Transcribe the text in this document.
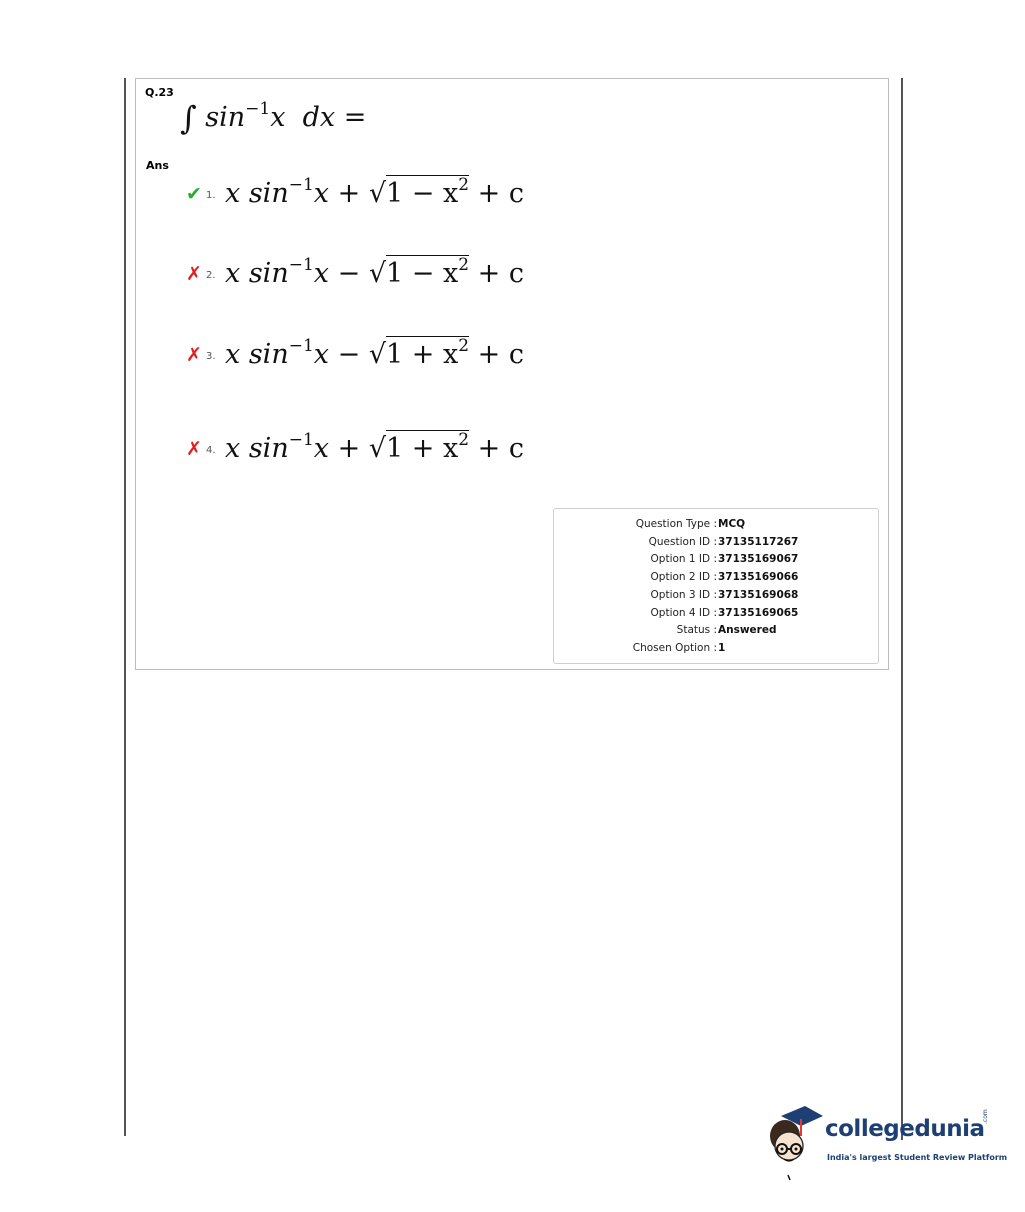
Q.23
∫ $\sin^{-1}x$ dx =
Ans
✔ 1. x $\sin^{-1}x + √1 - x^2 + c$
✗ 2. x $\sin^{-1}x - √1 - x^2 + c$
✗ 3. x $\sin^{-1}x - √1 + x^2 + c$
✗ 4. x $\sin^{-1}x + √1 + x^2 + c$
Question Type : MCQ
Question ID : 37135117267
Option 1 ID : 37135169067
Option 2 ID : 37135169066
Option 3 ID : 37135169068
Option 4 ID : 37135169065
Status : Answered
Chosen Option : 1
collegedunia
.com
India's largest Student Review Platform
